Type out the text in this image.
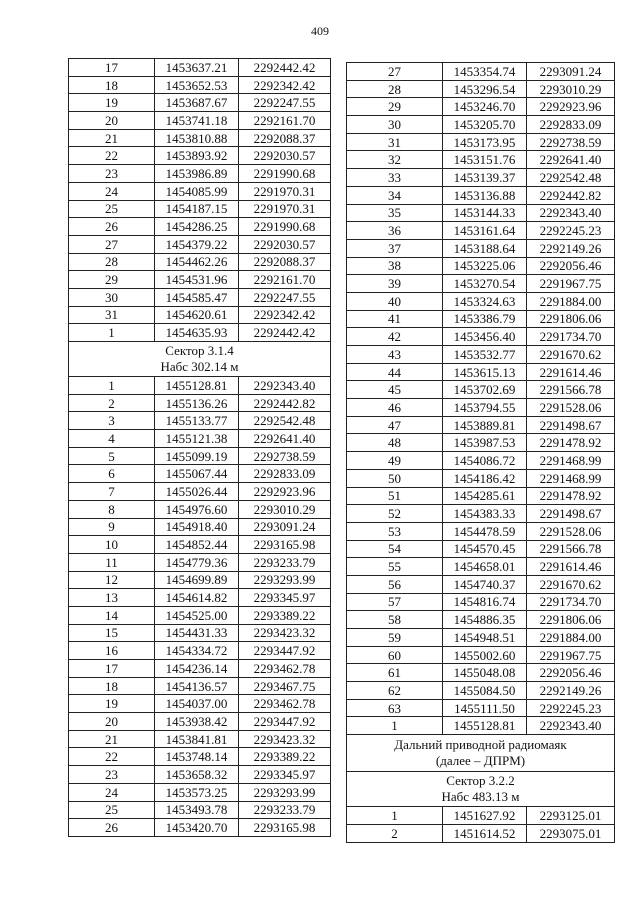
409
17	1453637.21	2292442.42
18	1453652.53	2292342.42
19	1453687.67	2292247.55
20	1453741.18	2292161.70
21	1453810.88	2292088.37
22	1453893.92	2292030.57
23	1453986.89	2291990.68
24	1454085.99	2291970.31
25	1454187.15	2291970.31
26	1454286.25	2291990.68
27	1454379.22	2292030.57
28	1454462.26	2292088.37
29	1454531.96	2292161.70
30	1454585.47	2292247.55
31	1454620.61	2292342.42
1	1454635.93	2292442.42

Сектор 3.1.4
Набс 302.14 м		

1	1455128.81	2292343.40
2	1455136.26	2292442.82
3	1455133.77	2292542.48
4	1455121.38	2292641.40
5	1455099.19	2292738.59
6	1455067.44	2292833.09
7	1455026.44	2292923.96
8	1454976.60	2293010.29
9	1454918.40	2293091.24
10	1454852.44	2293165.98
11	1454779.36	2293233.79
12	1454699.89	2293293.99
13	1454614.82	2293345.97
14	1454525.00	2293389.22
15	1454431.33	2293423.32
16	1454334.72	2293447.92
17	1454236.14	2293462.78
18	1454136.57	2293467.75
19	1454037.00	2293462.78
20	1453938.42	2293447.92
21	1453841.81	2293423.32
22	1453748.14	2293389.22
23	1453658.32	2293345.97
24	1453573.25	2293293.99
25	1453493.78	2293233.79
26	1453420.70	2293165.98
27	1453354.74	2293091.24
28	1453296.54	2293010.29
29	1453246.70	2292923.96
30	1453205.70	2292833.09
31	1453173.95	2292738.59
32	1453151.76	2292641.40
33	1453139.37	2292542.48
34	1453136.88	2292442.82
35	1453144.33	2292343.40
36	1453161.64	2292245.23
37	1453188.64	2292149.26
38	1453225.06	2292056.46
39	1453270.54	2291967.75
40	1453324.63	2291884.00
41	1453386.79	2291806.06
42	1453456.40	2291734.70
43	1453532.77	2291670.62
44	1453615.13	2291614.46
45	1453702.69	2291566.78
46	1453794.55	2291528.06
47	1453889.81	2291498.67
48	1453987.53	2291478.92
49	1454086.72	2291468.99
50	1454186.42	2291468.99
51	1454285.61	2291478.92
52	1454383.33	2291498.67
53	1454478.59	2291528.06
54	1454570.45	2291566.78
55	1454658.01	2291614.46
56	1454740.37	2291670.62
57	1454816.74	2291734.70
58	1454886.35	2291806.06
59	1454948.51	2291884.00
60	1455002.60	2291967.75
61	1455048.08	2292056.46
62	1455084.50	2292149.26
63	1455111.50	2292245.23
1	1455128.81	2292343.40

Дальний приводной радиомаяк
(далее – ДПРМ)		

Сектор 3.2.2
Набс 483.13 м		

1	1451627.92	2293125.01
2	1451614.52	2293075.01
